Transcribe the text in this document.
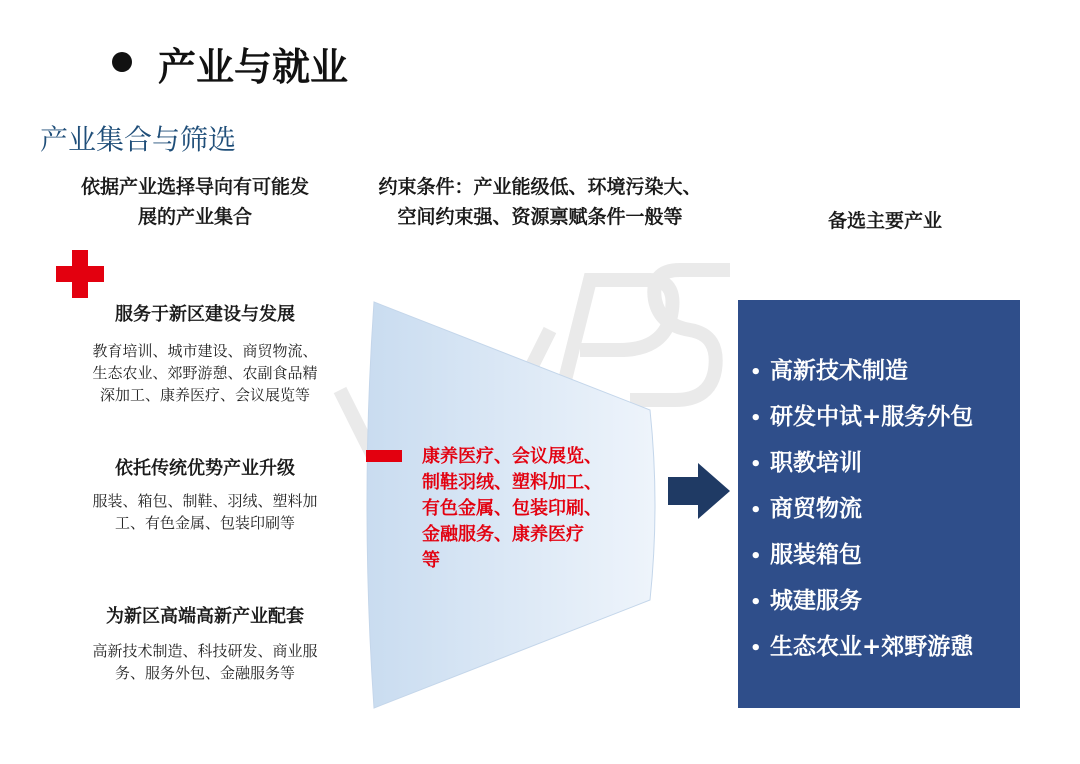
产业与就业
产业集合与筛选
依据产业选择导向有可能发
展的产业集合
约束条件：产业能级低、环境污染大、
空间约束强、资源禀赋条件一般等	备选主要产业
服务于新区建设与发展
教育培训、城市建设、商贸物流、
生态农业、郊野游憩、农副食品精
深加工、康养医疗、会议展览等
依托传统优势产业升级
服装、箱包、制鞋、羽绒、塑料加
工、有色金属、包装印刷等
为新区高端高新产业配套
高新技术制造、科技研发、商业服
务、服务外包、金融服务等
康养医疗、会议展览、
制鞋羽绒、塑料加工、
有色金属、包装印刷、
金融服务、康养医疗
等
• 高新技术制造
• 研发中试+服务外包
• 职教培训
• 商贸物流
• 服装箱包
• 城建服务
• 生态农业+郊野游憩
